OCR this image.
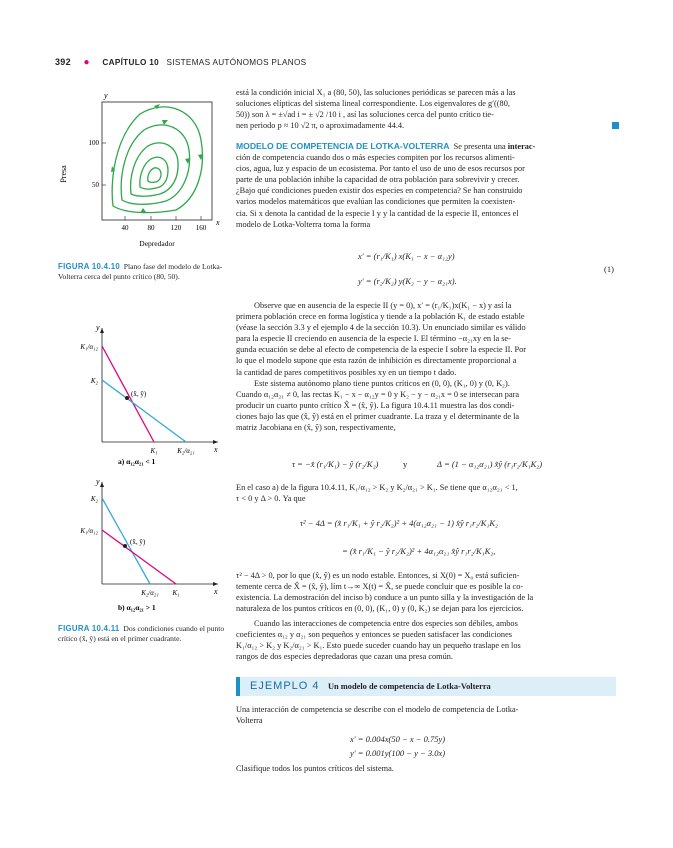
392 ● CAPÍTULO 10 SISTEMAS AUTÓNOMOS PLANOS
y
Presa
100
50
40	80 120 160
x
Depredador
FIGURA 10.4.10 Plano fase del modelo de Lotka-Volterra cerca del punto crítico (80, 50).
y
x
(x̂, ŷ)
K₁/α₁₂
K₂
K₁	K₂/α₂₁
a) α₁₂α₂₁ < 1
y
x
(x̂, ŷ)
K₂
K₁/α₁₂
K₂/α₂₁ K₁
b) α₁₂α₂₁ > 1
FIGURA 10.4.11 Dos condiciones cuando el punto crítico (x̂, ŷ) está en el primer cuadrante.

está la condición inicial X₁ a (80, 50), las soluciones periódicas se parecen más a las

soluciones elípticas del sistema lineal correspondiente. Los eigenvalores de g′((80,

50)) son λ = ±√ad i = ± √2 /10 i , así las soluciones cerca del punto crítico tie-

nen periodo p ≈ 10 √2 π, o aproximadamente 44.4.

MODELO DE COMPETENCIA DE LOTKA-VOLTERRA Se presenta una interac-

ción de competencia cuando dos o más especies compiten por los recursos alimenti-

cios, agua, luz y espacio de un ecosistema. Por tanto el uso de uno de esos recursos por

parte de una población inhibe la capacidad de otra población para sobrevivir y crecer.

¿Bajo qué condiciones pueden existir dos especies en competencia? Se han construido

varios modelos matemáticos que evalúan las condiciones que permiten la coexisten-

cia. Si x denota la cantidad de la especie I y y la cantidad de la especie II, entonces el

modelo de Lotka-Volterra toma la forma

x′ = (r₁/K₁) x(K₁ − x − α₁₂y)
y′ = (r₂/K₂) y(K₂ − y − α₂₁x).
(1)

Observe que en ausencia de la especie II (y = 0), x′ = (r₁/K₁)x(K₁ − x) y así la

primera población crece en forma logística y tiende a la población K₁ de estado estable

(véase la sección 3.3 y el ejemplo 4 de la sección 10.3). Un enunciado similar es válido

para la especie II creciendo en ausencia de la especie I. El término −α₂₁xy en la se-

gunda ecuación se debe al efecto de competencia de la especie I sobre la especie II. Por

lo que el modelo supone que esta razón de inhibición es directamente proporcional a

la cantidad de pares competitivos posibles xy en un tiempo t dado.

Este sistema autónomo plano tiene puntos críticos en (0, 0), (K₁, 0) y (0, K₂).

Cuando α₁₂α₂₁ ≠ 0, las rectas K₁ − x − α₁₂y = 0 y K₂ − y − α₂₁x = 0 se intersecan para

producir un cuarto punto crítico X̂ = (x̂, ŷ). La figura 10.4.11 muestra las dos condi-

ciones bajo las que (x̂, ŷ) está en el primer cuadrante. La traza y el determinante de la

matriz Jacobiana en (x̂, ŷ) son, respectivamente,

τ = −x̂ (r₁/K₁) − ŷ (r₂/K₂)	y	Δ = (1 − α₁₂α₂₁) x̂ŷ (r₁r₂/K₁K₂)

En el caso a) de la figura 10.4.11, K₁/α₁₂ > K₂ y K₂/α₂₁ > K₁. Se tiene que α₁₂α₂₁ < 1,

τ < 0 y Δ > 0. Ya que

τ² − 4Δ = (x̂ r₁/K₁ + ŷ r₂/K₂)² + 4(α₁₂α₂₁ − 1) x̂ŷ r₁r₂/K₁K₂
= (x̂ r₁/K₁ − ŷ r₂/K₂)² + 4α₁₂α₂₁ x̂ŷ r₁r₂/K₁K₂,

τ² − 4Δ > 0, por lo que (x̂, ŷ) es un nodo estable. Entonces, si X(0) = X₀ está suficien-

temente cerca de X̂ = (x̂, ŷ), lím t→∞ X(t) = X̂, se puede concluir que es posible la co-

existencia. La demostración del inciso b) conduce a un punto silla y la investigación de la

naturaleza de los puntos críticos en (0, 0), (K₁, 0) y (0, K₂) se dejan para los ejercicios.

Cuando las interacciones de competencia entre dos especies son débiles, ambos

coeficientes α₁₂ y α₂₁ son pequeños y entonces se pueden satisfacer las condiciones

K₁/α₁₂ > K₂ y K₂/α₂₁ > K₁. Esto puede suceder cuando hay un pequeño traslape en los

rangos de dos especies depredadoras que cazan una presa común.

EJEMPLO 4 Un modelo de competencia de Lotka-Volterra

Una interacción de competencia se describe con el modelo de competencia de Lotka-

Volterra

x′ = 0.004x(50 − x − 0.75y)
y′ = 0.001y(100 − y − 3.0x)
Clasifique todos los puntos críticos del sistema.
